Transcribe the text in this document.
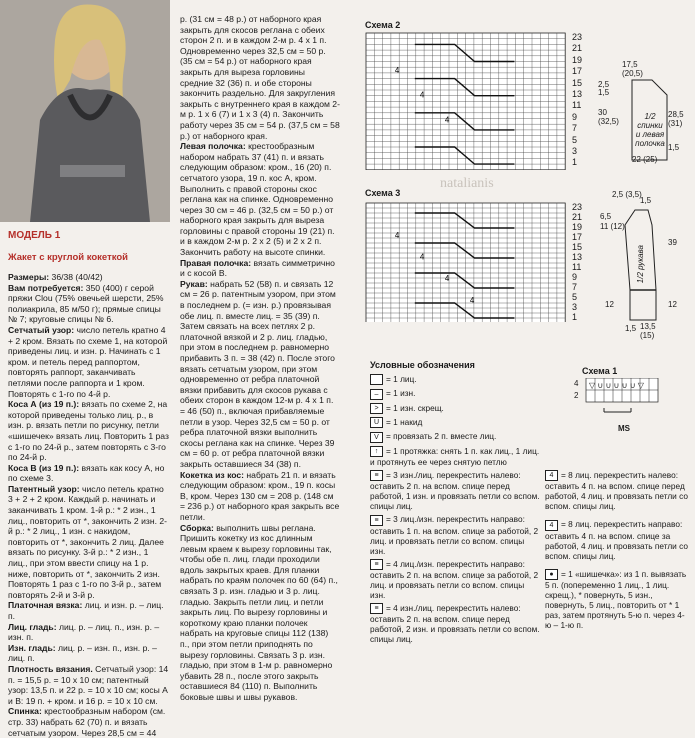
МОДЕЛЬ 1
Жакет с круглой кокеткой

Размеры: 36/38 (40/42)

Вам потребуется: 350 (400) г серой пряжи Clou (75% овечьей шерсти, 25% полиакрила, 85 м/50 г); прямые спицы № 7; круговые спицы № 6.

Сетчатый узор: число петель кратно 4 + 2 кром. Вязать по схеме 1, на которой приведены лиц. и изн. р. Начинать с 1 кром. и петель перед раппортом, повторять раппорт, заканчивать петлями после раппорта и 1 кром. Повторять с 1-го по 4-й р.

Коса А (из 19 п.): вязать по схеме 2, на которой приведены только лиц. р., в изн. р. вязать петли по рисунку, петли «шишечек» вязать лиц. Повторить 1 раз с 1-го по 24-й р., затем повторять с 3-го по 24-й р.

Коса В (из 19 п.): вязать как косу А, но по схеме 3.

Патентный узор: число петель кратно 3 + 2 + 2 кром. Каждый р. начинать и заканчивать 1 кром. 1-й р.: * 2 изн., 1 лиц., повторить от *, закончить 2 изн. 2-й р.: * 2 лиц., 1 изн. с накидом, повторить от *, закончить 2 лиц. Далее вязать по рисунку. 3-й р.: * 2 изн., 1 лиц., при этом ввести спицу на 1 р. ниже, повторить от *, закончить 2 изн. Повторять 1 раз с 1-го по 3-й р., затем повторять 2-й и 3-й р.

Платочная вязка: лиц. и изн. р. – лиц. п.

Лиц. гладь: лиц. р. – лиц. п., изн. р. – изн. п.

Изн. гладь: лиц. р. – изн. п., изн. р. – лиц. п.

Плотность вязания. Сетчатый узор: 14 п. = 15,5 р. = 10 х 10 см; патентный узор: 13,5 п. и 22 р. = 10 х 10 см; косы А и В: 19 п. + кром. и 16 р. = 10 х 10 см.

Спинка: крестообразным набором (см. стр. 33) набрать 62 (70) п. и вязать сетчатым узором. Через 28,5 см = 44

р. (31 см = 48 р.) от наборного края закрыть для скосов реглана с обеих сторон 2 п. и в каждом 2-м р. 4 х 1 п. Одновременно через 32,5 см = 50 р. (35 см = 54 р.) от наборного края закрыть для выреза горловины средние 32 (36) п. и обе стороны закончить раздельно. Для закругления закрыть с внутреннего края в каждом 2-м р. 1 х 6 (7) и 1 х 3 (4) п. Закончить работу через 35 см = 54 р. (37,5 см = 58 р.) от наборного края.

Левая полочка: крестообразным набором набрать 37 (41) п. и вязать следующим образом: кром., 16 (20) п. сетчатого узора, 19 п. кос А, кром. Выполнить с правой стороны скос реглана как на спинке. Одновременно через 30 см = 46 р. (32,5 см = 50 р.) от наборного края закрыть для выреза горловины с правой стороны 19 (21) п. и в каждом 2-м р. 2 х 2 (5) и 2 х 2 п. Закончить работу на высоте спинки.

Правая полочка: вязать симметрично и с косой В.

Рукав: набрать 52 (58) п. и связать 12 см = 26 р. патентным узором, при этом в последнем р. (= изн. р.) провязывая обе лиц. п. вместе лиц. = 35 (39) п. Затем связать на всех петлях 2 р. платочной вязкой и 2 р. лиц. гладью, при этом в последнем р. равномерно прибавить 3 п. = 38 (42) п. После этого вязать сетчатым узором, при этом одновременно от ребра платочной вязки прибавить для скосов рукава с обеих сторон в каждом 12-м р. 4 х 1 п. = 46 (50) п., включая прибавляемые петли в узор. Через 32,5 см = 50 р. от ребра платочной вязки выполнить скосы реглана как на спинке. Через 39 см = 60 р. от ребра платочной вязки закрыть оставшиеся 34 (38) п.

Кокетка из кос: набрать 21 п. и вязать следующим образом: кром., 19 п. косы В, кром. Через 130 см = 208 р. (148 см = 236 р.) от наборного края закрыть все петли.

Сборка: выполнить швы реглана. Пришить кокетку из кос длинным левым краем к вырезу горловины так, чтобы обе п. лиц. глади проходили вдоль закрытых краев. Для планки набрать по краям полочек по 60 (64) п., связать 3 р. изн. гладью и 3 р. лиц. гладью. Закрыть петли лиц. и петли закрыть лиц. По вырезу горловины и короткому краю планки полочек набрать на круговые спицы 112 (138) п., при этом петли приподнять по вырезу горловины. Связать 3 р. изн. гладью, при этом в 1-м р. равномерно убавить 28 п., после этого закрыть оставшиеся 84 (110) п. Выполнить боковые швы и швы рукавов.

Схема 2
4
4
4
23
21
19
17
15
13
11
9
7
5
3
1
Схема 3
4
4
4
4
23
21
19
17
15
13
11
9
7
5
3
1
natalianis
17,5 (20,5)
2,5
1,5
30 (32,5)
1/2 спинки и левая полочка
28,5 (31)
1,5
22 (25)
2,5 (3,5)
1,5
6,5
11 (12)
1/2 рукава
12
39
12
13,5
(15)
1,5
Условные обозначения
= 1 лиц.
– = 1 изн.
> = 1 изн. скрещ.
U = 1 накид
V = провязать 2 п. вместе лиц.
↑ = 1 протяжка: снять 1 п. как лиц., 1 лиц. и протянуть ее через снятую петлю
≡ = 3 изн./лиц. перекрестить налево: оставить 2 п. на вспом. спице перед работой, 1 изн. и провязать петли со вспом. спицы лиц.
≡ = 3 лиц./изн. перекрестить направо: оставить 1 п. на вспом. спице за работой, 2 лиц. и провязать петли со вспом. спицы изн.
≡ = 4 лиц./изн. перекрестить направо: оставить 2 п. на вспом. спице за работой, 2 лиц. и провязать петли со вспом. спицы изн.
≡ = 4 изн./лиц. перекрестить налево: оставить 2 п. на вспом. спице перед работой, 2 изн. и провязать петли со вспом. спицы лиц.
Схема 1
▽ ∪ ∪ ∪ ∪ ∪ ▽
4
2
MS
4 = 8 лиц. перекрестить налево: оставить 4 п. на вспом. спице перед работой, 4 лиц. и провязать петли со вспом. спицы лиц.
4 = 8 лиц. перекрестить направо: оставить 4 п. на вспом. спице за работой, 4 лиц. и провязать петли со вспом. спицы лиц.
● = 1 «шишечка»: из 1 п. вывязать 5 п. (попеременно 1 лиц., 1 лиц. скрещ.), * повернуть, 5 изн., повернуть, 5 лиц., повторить от * 1 раз, затем протянуть 5-ю п. через 4-ю – 1-ю п.
